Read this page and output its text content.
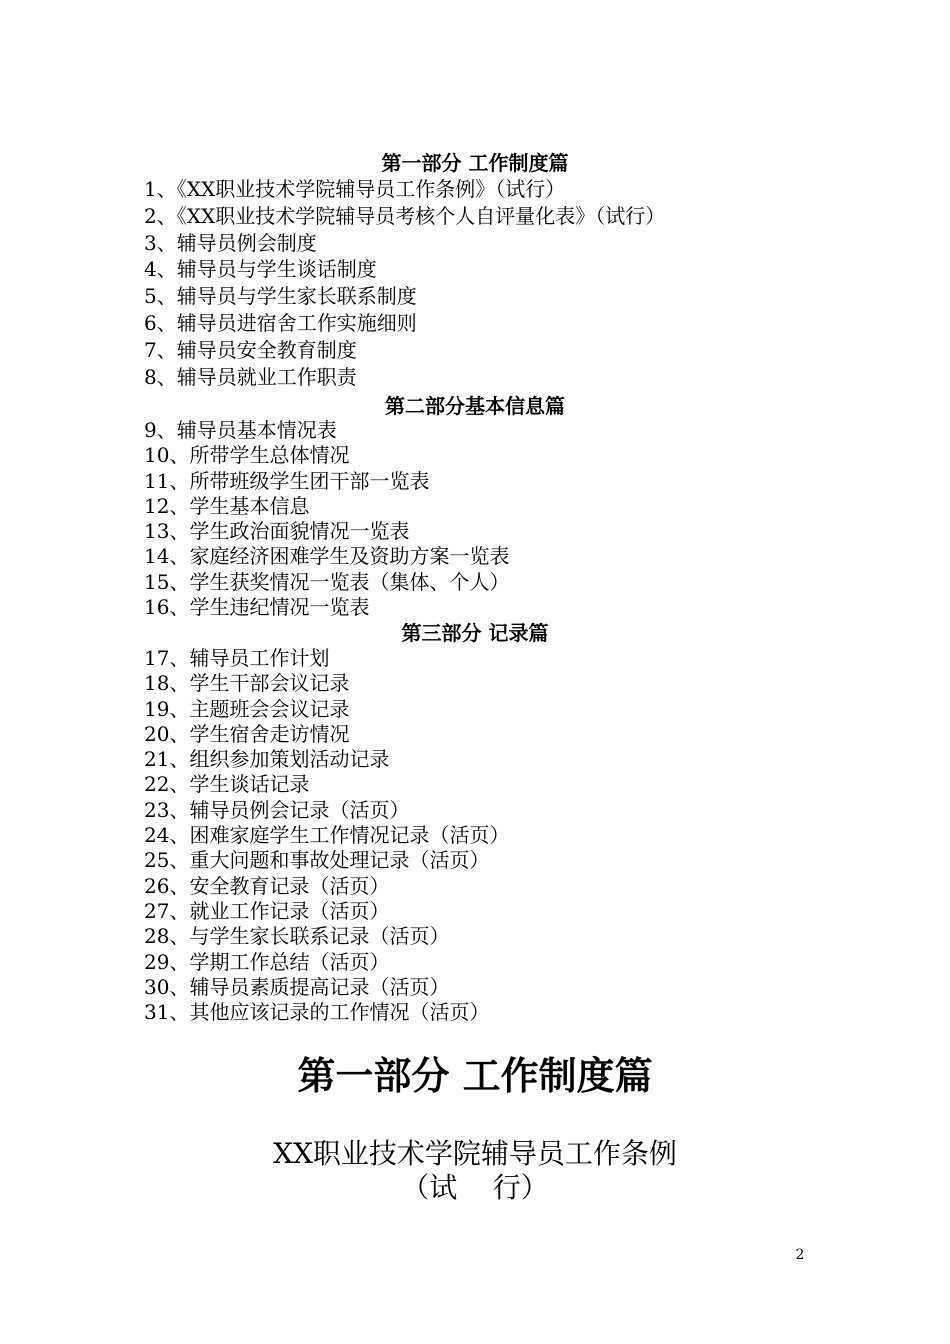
第一部分 工作制度篇
1、《XX职业技术学院辅导员工作条例》（试行）
2、《XX职业技术学院辅导员考核个人自评量化表》（试行）
3、辅导员例会制度
4、辅导员与学生谈话制度
5、辅导员与学生家长联系制度
6、辅导员进宿舍工作实施细则
7、辅导员安全教育制度
8、辅导员就业工作职责
第二部分基本信息篇
9、辅导员基本情况表
10、所带学生总体情况
11、所带班级学生团干部一览表
12、学生基本信息
13、学生政治面貌情况一览表
14、家庭经济困难学生及资助方案一览表
15、学生获奖情况一览表（集体、个人）
16、学生违纪情况一览表
第三部分 记录篇
17、辅导员工作计划
18、学生干部会议记录
19、主题班会会议记录
20、学生宿舍走访情况
21、组织参加策划活动记录
22、学生谈话记录
23、辅导员例会记录（活页）
24、困难家庭学生工作情况记录（活页）
25、重大问题和事故处理记录（活页）
26、安全教育记录（活页）
27、就业工作记录（活页）
28、与学生家长联系记录（活页）
29、学期工作总结（活页）
30、辅导员素质提高记录（活页）
31、其他应该记录的工作情况（活页）
第一部分 工作制度篇
XX职业技术学院辅导员工作条例
（试    行）
2
